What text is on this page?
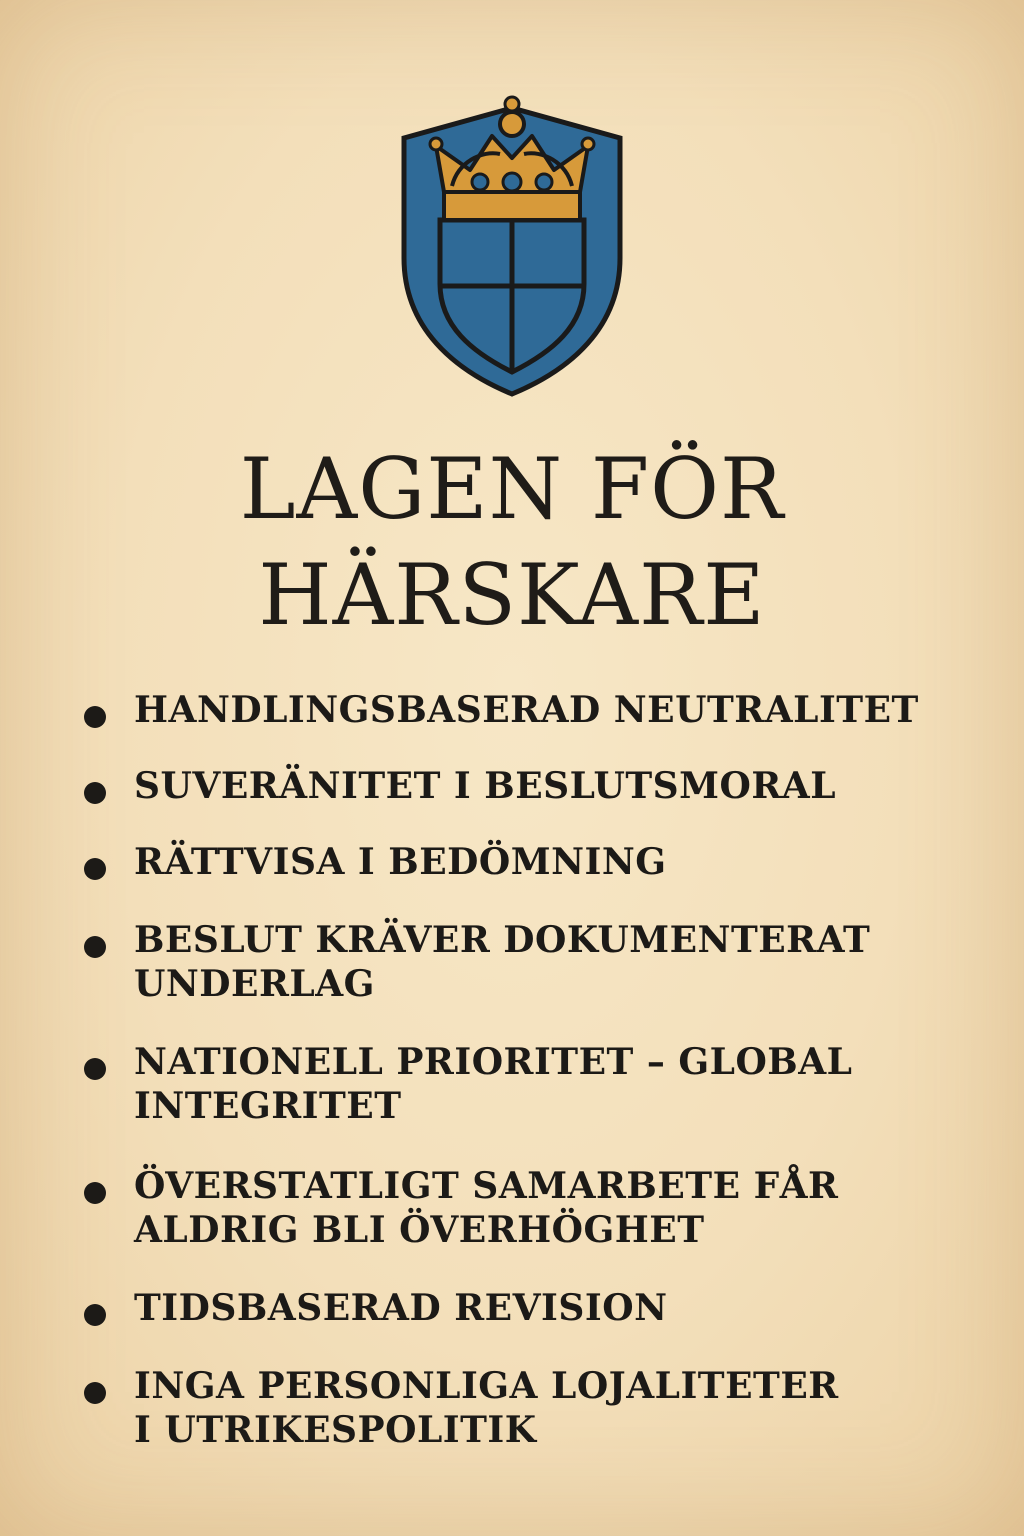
LAGEN FÖR
HÄRSKARE
HANDLINGSBASERAD NEUTRALITET
SUVERÄNITET I BESLUTSMORAL
RÄTTVISA I BEDÖMNING
BESLUT KRÄVER DOKUMENTERAT
UNDERLAG
NATIONELL PRIORITET – GLOBAL
INTEGRITET
ÖVERSTATLIGT SAMARBETE FÅR
ALDRIG BLI ÖVERHÖGHET
TIDSBASERAD REVISION
INGA PERSONLIGA LOJALITETER
I UTRIKESPOLITIK
